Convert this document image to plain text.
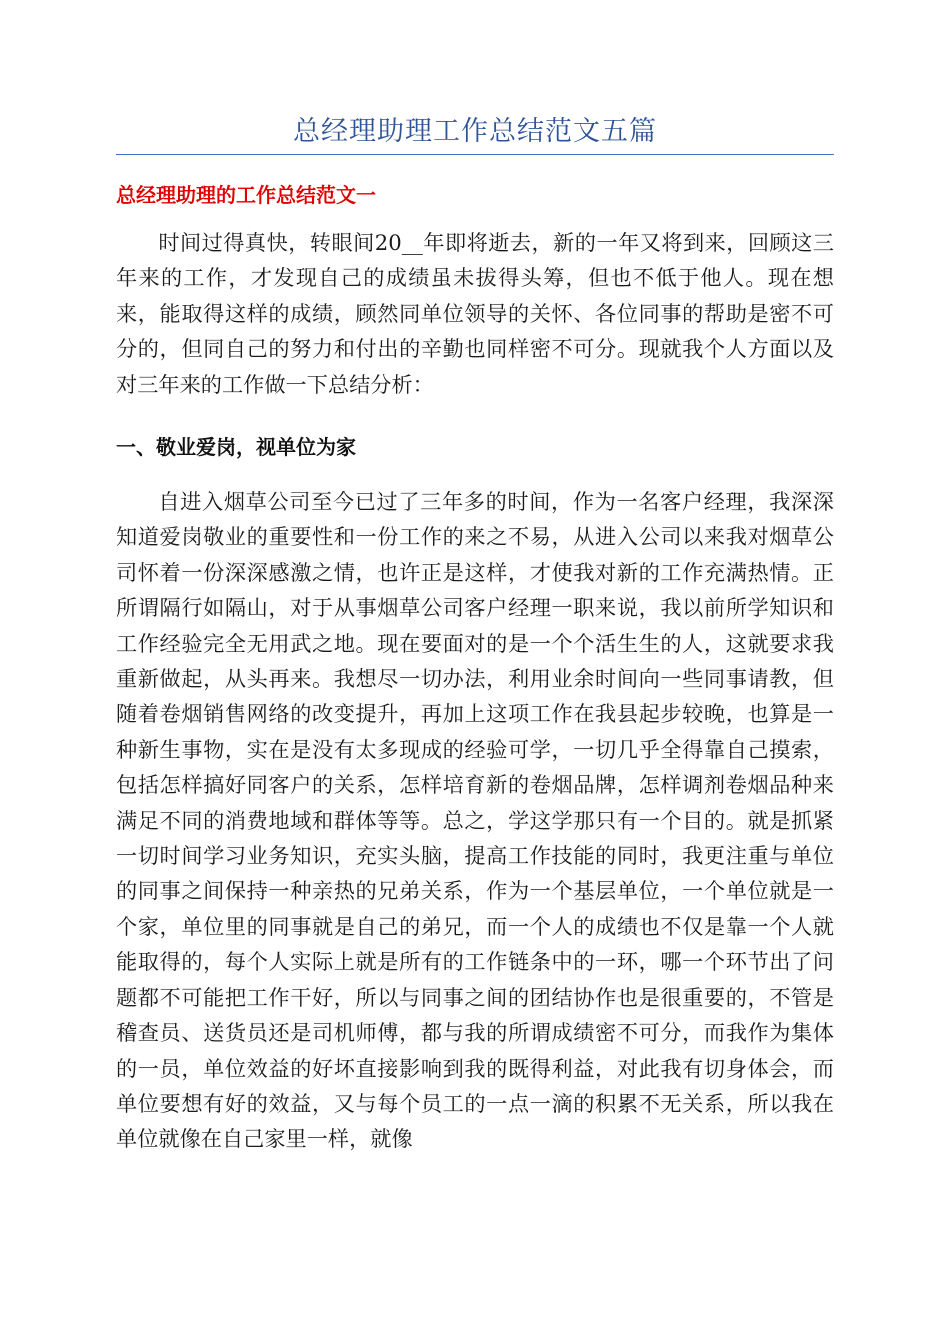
总经理助理工作总结范文五篇
总经理助理的工作总结范文一

时间过得真快，转眼间20__年即将逝去，新的一年又将到来，回顾这三年来的工作，才发现自己的成绩虽未拔得头筹，但也不低于他人。现在想来，能取得这样的成绩，顾然同单位领导的关怀、各位同事的帮助是密不可分的，但同自己的努力和付出的辛勤也同样密不可分。现就我个人方面以及对三年来的工作做一下总结分析：

一、敬业爱岗，视单位为家

自进入烟草公司至今已过了三年多的时间，作为一名客户经理，我深深知道爱岗敬业的重要性和一份工作的来之不易，从进入公司以来我对烟草公司怀着一份深深感激之情，也许正是这样，才使我对新的工作充满热情。正所谓隔行如隔山，对于从事烟草公司客户经理一职来说，我以前所学知识和工作经验完全无用武之地。现在要面对的是一个个活生生的人，这就要求我重新做起，从头再来。我想尽一切办法，利用业余时间向一些同事请教，但随着卷烟销售网络的改变提升，再加上这项工作在我县起步较晚，也算是一种新生事物，实在是没有太多现成的经验可学，一切几乎全得靠自己摸索，包括怎样搞好同客户的关系，怎样培育新的卷烟品牌，怎样调剂卷烟品种来满足不同的消费地域和群体等等。总之，学这学那只有一个目的。就是抓紧一切时间学习业务知识，充实头脑，提高工作技能的同时，我更注重与单位的同事之间保持一种亲热的兄弟关系，作为一个基层单位，一个单位就是一个家，单位里的同事就是自己的弟兄，而一个人的成绩也不仅是靠一个人就能取得的，每个人实际上就是所有的工作链条中的一环，哪一个环节出了问题都不可能把工作干好，所以与同事之间的团结协作也是很重要的，不管是稽查员、送货员还是司机师傅，都与我的所谓成绩密不可分，而我作为集体的一员，单位效益的好坏直接影响到我的既得利益，对此我有切身体会，而单位要想有好的效益，又与每个员工的一点一滴的积累不无关系，所以我在单位就像在自己家里一样，就像
